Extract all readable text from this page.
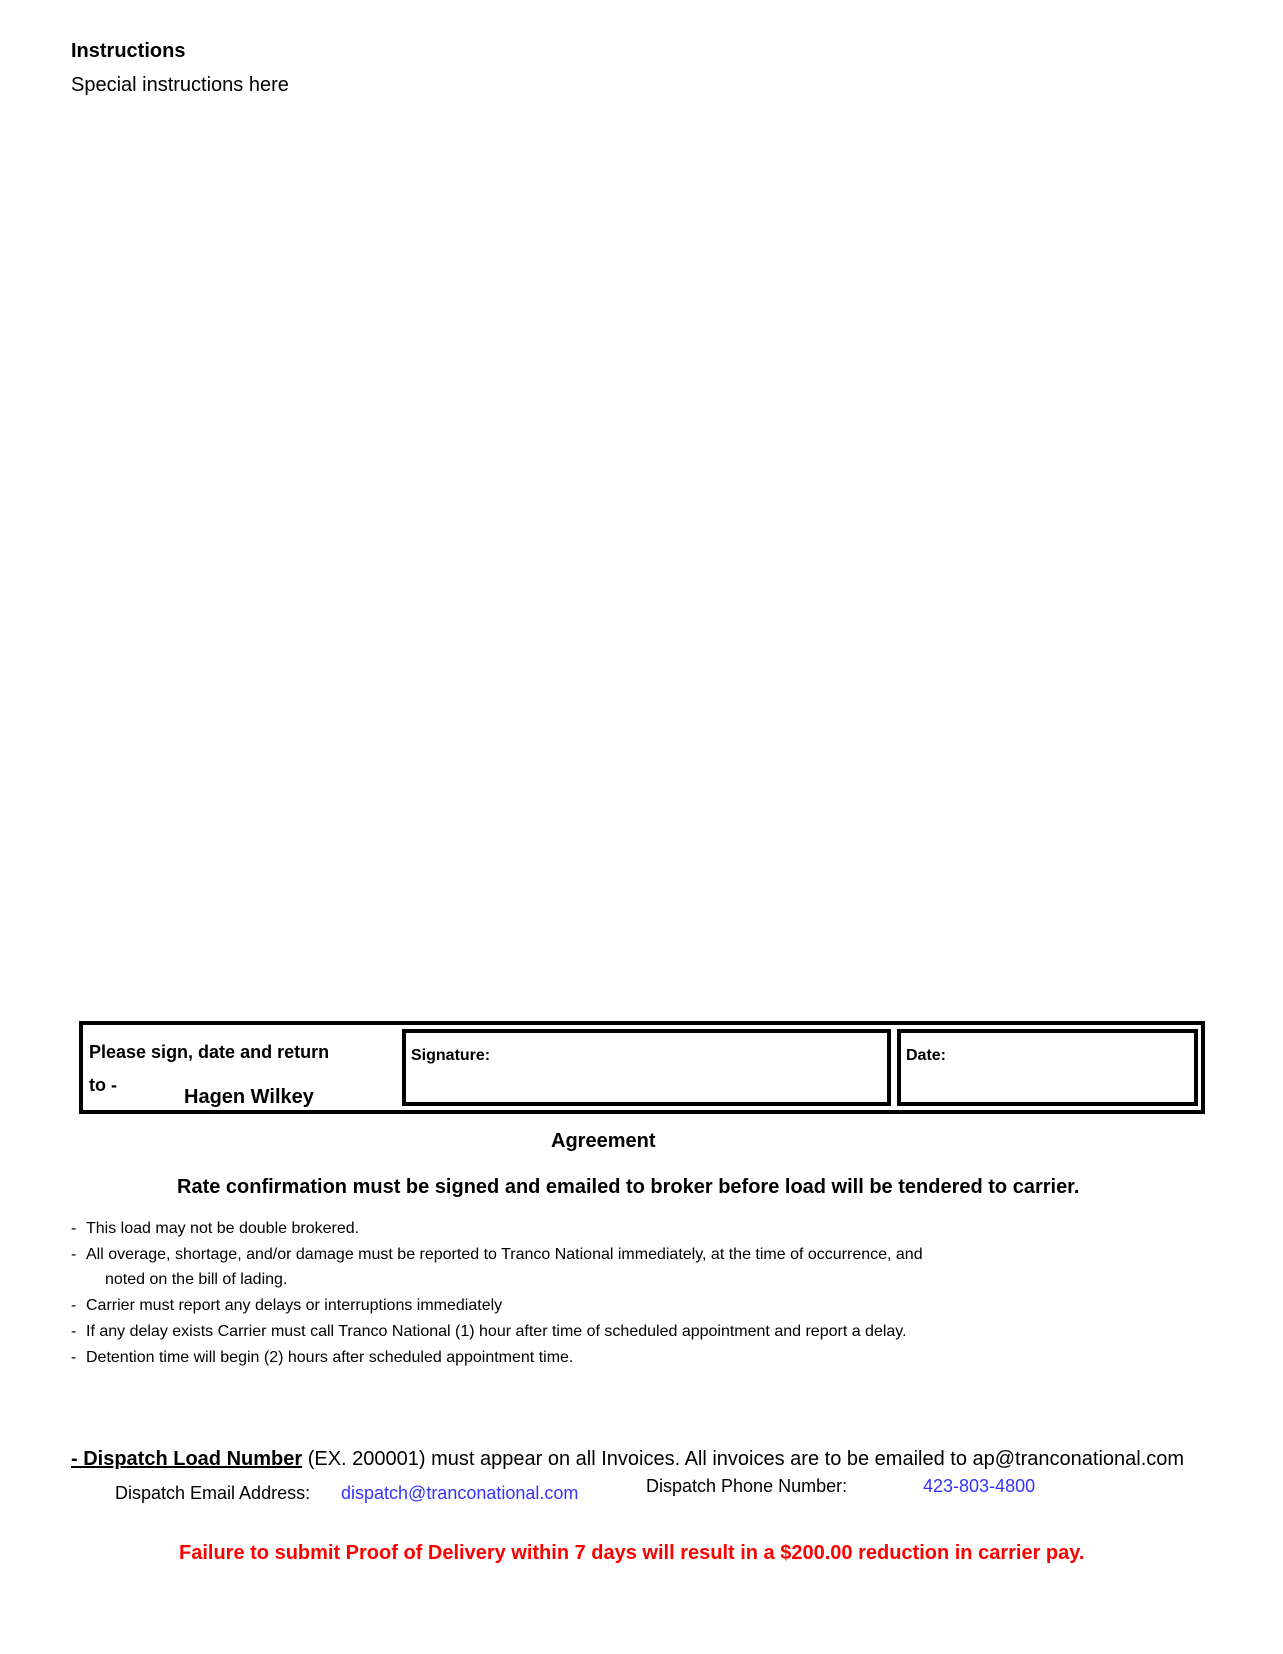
Instructions
Special instructions here
Please sign, date and return
to -
Hagen Wilkey
Signature:	Date:
Agreement
Rate confirmation must be signed and emailed to broker before load will be tendered to carrier.
- This load may not be double brokered.
- All overage, shortage, and/or damage must be reported to Tranco National immediately, at the time of occurrence, and
noted on the bill of lading.
- Carrier must report any delays or interruptions immediately
- If any delay exists Carrier must call Tranco National (1) hour after time of scheduled appointment and report a delay.
- Detention time will begin (2) hours after scheduled appointment time.
- Dispatch Load Number (EX. 200001) must appear on all Invoices. All invoices are to be emailed to ap@tranconational.com
Dispatch Email Address: dispatch@tranconational.com	Dispatch Phone Number:	423-803-4800
Failure to submit Proof of Delivery within 7 days will result in a $200.00 reduction in carrier pay.
